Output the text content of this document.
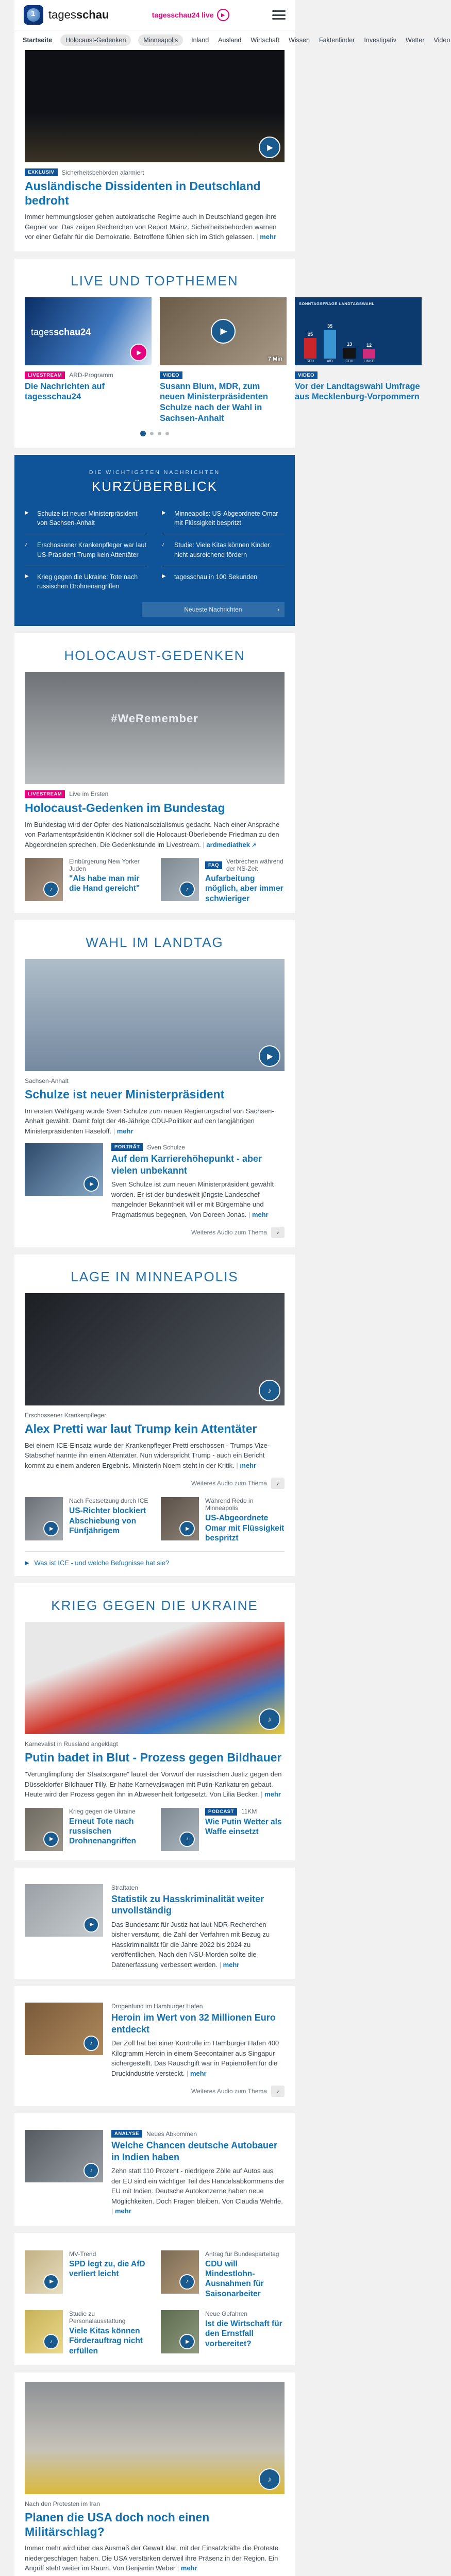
1
tagesschau	tagesschau24 live	▶
Startseite	Holocaust-Gedenken	Minneapolis	Inland Ausland Wirtschaft Wissen Faktenfinder Investigativ Wetter Video
▶
EXKLUSIV	Sicherheitsbehörden alarmiert
Ausländische Dissidenten in Deutschland bedroht

Immer hemmungsloser gehen autokratische Regime auch in Deutschland gegen ihre Gegner vor. Das zeigen Recherchen von Report Mainz. Sicherheitsbehörden warnen vor einer Gefahr für die Demokratie. Betroffene fühlen sich im Stich gelassen. | mehr

LIVE UND TOPTHEMEN
tagesschau24
▶
LIVESTREAM	ARD-Programm
Die Nachrichten auf tagesschau24
▶
7 Min
VIDEO
Susann Blum, MDR, zum neuen Ministerpräsidenten Schulze nach der Wahl in Sachsen-Anhalt
SONNTAGSFRAGE LANDTAGSWAHL
25
SPD
35
AfD
13
CDU
12
LINKE
VIDEO
Vor der Landtagswahl Umfrage aus Mecklenburg-Vorpommern
DIE WICHTIGSTEN NACHRICHTEN
KURZÜBERBLICK
▶	Schulze ist neuer Ministerpräsident von Sachsen-Anhalt
▶	Minneapolis: US-Abgeordnete Omar mit Flüssigkeit bespritzt
♪	Erschossener Krankenpfleger war laut US-Präsident Trump kein Attentäter
♪	Studie: Viele Kitas können Kinder nicht ausreichend fördern
▶	Krieg gegen die Ukraine: Tote nach russischen Drohnenangriffen
▶	tagesschau in 100 Sekunden
Neueste Nachrichten	›
HOLOCAUST-GEDENKEN
#WeRemember
LIVESTREAM	Live im Ersten
Holocaust-Gedenken im Bundestag

Im Bundestag wird der Opfer des Nationalsozialismus gedacht. Nach einer Ansprache von Parlamentspräsidentin Klöckner soll die Holocaust-Überlebende Friedman zu den Abgeordneten sprechen. Die Gedenkstunde im Livestream. | ardmediathek ↗

♪
Einbürgerung New Yorker Juden
"Als habe man mir die Hand gereicht"
♪
FAQ	Verbrechen während der NS-Zeit
Aufarbeitung möglich, aber immer schwieriger
WAHL IM LANDTAG
▶
Sachsen-Anhalt
Schulze ist neuer Ministerpräsident

Im ersten Wahlgang wurde Sven Schulze zum neuen Regierungschef von Sachsen-Anhalt gewählt. Damit folgt der 46-Jährige CDU-Politiker auf den langjährigen Ministerpräsidenten Haseloff. | mehr

▶
PORTRÄT	Sven Schulze
Auf dem Karrierehöhepunkt - aber vielen unbekannt

Sven Schulze ist zum neuen Ministerpräsident gewählt worden. Er ist der bundesweit jüngste Landeschef - mangelnder Bekanntheit will er mit Bürgernähe und Pragmatismus begegnen. Von Doreen Jonas. | mehr

Weiteres Audio zum Thema	♪
LAGE IN MINNEAPOLIS
♪
Erschossener Krankenpfleger
Alex Pretti war laut Trump kein Attentäter

Bei einem ICE-Einsatz wurde der Krankenpfleger Pretti erschossen - Trumps Vize-Stabschef nannte ihn einen Attentäter. Nun widerspricht Trump - auch ein Bericht kommt zu einem anderen Ergebnis. Ministerin Noem steht in der Kritik. | mehr

Weiteres Audio zum Thema	♪
▶
Nach Festsetzung durch ICE
US-Richter blockiert Abschiebung von Fünfjährigem
▶
Während Rede in Minneapolis
US-Abgeordnete Omar mit Flüssigkeit bespritzt
▶ Was ist ICE - und welche Befugnisse hat sie?
KRIEG GEGEN DIE UKRAINE
♪
Karnevalist in Russland angeklagt
Putin badet in Blut - Prozess gegen Bildhauer

"Verunglimpfung der Staatsorgane" lautet der Vorwurf der russischen Justiz gegen den Düsseldorfer Bildhauer Tilly. Er hatte Karnevalswagen mit Putin-Karikaturen gebaut. Heute wird der Prozess gegen ihn in Abwesenheit fortgesetzt. Von Lilia Becker. | mehr

▶
Krieg gegen die Ukraine
Erneut Tote nach russischen Drohnenangriffen
♪
PODCAST	11KM
Wie Putin Wetter als Waffe einsetzt
▶
Straftaten
Statistik zu Hasskriminalität weiter unvollständig

Das Bundesamt für Justiz hat laut NDR-Recherchen bisher versäumt, die Zahl der Verfahren mit Bezug zu Hasskriminalität für die Jahre 2022 bis 2024 zu veröffentlichen. Nach den NSU-Morden sollte die Datenerfassung verbessert werden. | mehr

♪
Drogenfund im Hamburger Hafen
Heroin im Wert von 32 Millionen Euro entdeckt

Der Zoll hat bei einer Kontrolle im Hamburger Hafen 400 Kilogramm Heroin in einem Seecontainer aus Singapur sichergestellt. Das Rauschgift war in Papierrollen für die Druckindustrie versteckt. | mehr

Weiteres Audio zum Thema	♪
♪
ANALYSE	Neues Abkommen
Welche Chancen deutsche Autobauer in Indien haben

Zehn statt 110 Prozent - niedrigere Zölle auf Autos aus der EU sind ein wichtiger Teil des Handelsabkommens der EU mit Indien. Deutsche Autokonzerne haben neue Möglichkeiten. Doch Fragen bleiben. Von Claudia Wehrle.| mehr

▶
MV-Trend
SPD legt zu, die AfD verliert leicht
♪
Antrag für Bundesparteitag
CDU will Mindestlohn-Ausnahmen für Saisonarbeiter
♪
Studie zu Personalausstattung
Viele Kitas können Förderauftrag nicht erfüllen
▶
Neue Gefahren
Ist die Wirtschaft für den Ernstfall vorbereitet?
♪
Nach den Protesten im Iran
Planen die USA doch noch einen Militärschlag?

Immer mehr wird über das Ausmaß der Gewalt klar, mit der Einsatzkräfte die Proteste niedergeschlagen haben. Die USA verstärken derweil ihre Präsenz in der Region. Ein Angriff steht weiter im Raum. Von Benjamin Weber | mehr
